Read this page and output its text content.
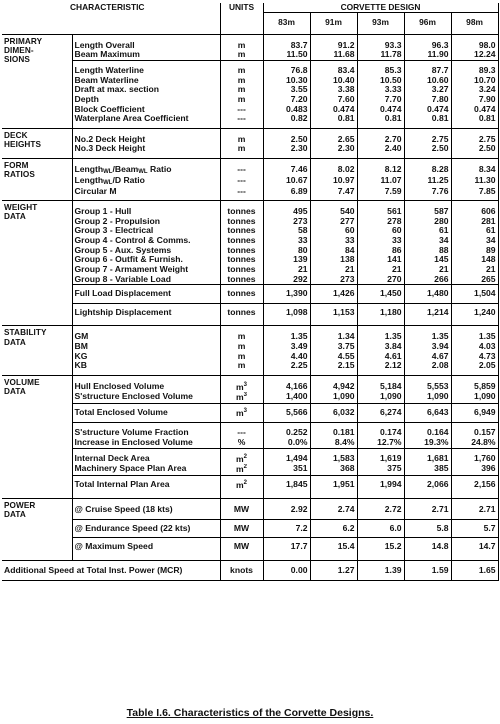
CHARACTERISTIC		UNITS	CORVETTE DESIGN				
			83m	91m	93m	96m	98m

PRIMARY
DIMEN-
SIONS	Length Overall	m	83.7	91.2	93.3	96.3	98.0
	Beam Maximum	m	11.50	11.68	11.78	11.90	12.24
	Length Waterline	m	76.8	83.4	85.3	87.7	89.3
	Beam Waterline	m	10.30	10.40	10.50	10.60	10.70
	Draft at max. section	m	3.55	3.38	3.33	3.27	3.24
	Depth	m	7.20	7.60	7.70	7.80	7.90
	Block Coefficient	---	0.483	0.474	0.474	0.474	0.474
	Waterplane Area Coefficient	---	0.82	0.81	0.81	0.81	0.81

DECK
HEIGHTS	No.2 Deck Height	m	2.50	2.65	2.70	2.75	2.75
	No.3 Deck Height	m	2.30	2.30	2.40	2.50	2.50

FORM
RATIOS	Length$_{WL}$/Beam$_{WL}$ Ratio	---	7.46	8.02	8.12	8.28	8.34
	Length$_{WL}$/D Ratio	---	10.67	10.97	11.07	11.25	11.30
	Circular M	---	6.89	7.47	7.59	7.76	7.85

WEIGHT
DATA	Group 1 - Hull	tonnes	495	540	561	587	606
	Group 2 - Propulsion	tonnes	273	277	278	280	281
	Group 3 - Electrical	tonnes	58	60	60	61	61
	Group 4 - Control & Comms.	tonnes	33	33	33	34	34
	Group 5 - Aux. Systems	tonnes	80	84	86	88	89
	Group 6 - Outfit & Furnish.	tonnes	139	138	141	145	148
	Group 7 - Armament Weight	tonnes	21	21	21	21	21
	Group 8 - Variable Load	tonnes	292	273	270	266	265
	Full Load Displacement	tonnes	1,390	1,426	1,450	1,480	1,504
	Lightship Displacement	tonnes	1,098	1,153	1,180	1,214	1,240

STABILITY
DATA	GM	m	1.35	1.34	1.35	1.35	1.35
	BM	m	3.49	3.75	3.84	3.94	4.03
	KG	m	4.40	4.55	4.61	4.67	4.73
	KB	m	2.25	2.15	2.12	2.08	2.05

VOLUME
DATA	Hull Enclosed Volume	$m^3$	4,166	4,942	5,184	5,553	5,859
	S'structure Enclosed Volume	$m^3$	1,400	1,090	1,090	1,090	1,090
	Total Enclosed Volume	$m^3$	5,566	6,032	6,274	6,643	6,949
	S'structure Volume Fraction	---	0.252	0.181	0.174	0.164	0.157
	Increase in Enclosed Volume	%	0.0%	8.4%	12.7%	19.3%	24.8%
	Internal Deck Area	$m^2$	1,494	1,583	1,619	1,681	1,760
	Machinery Space Plan Area	$m^2$	351	368	375	385	396
	Total Internal Plan Area	$m^2$	1,845	1,951	1,994	2,066	2,156

POWER
DATA	@ Cruise Speed (18 kts)	MW	2.92	2.74	2.72	2.71	2.71
	@ Endurance Speed (22 kts)	MW	7.2	6.2	6.0	5.8	5.7
	@ Maximum Speed	MW	17.7	15.4	15.2	14.8	14.7
Additional Speed at Total Inst. Power (MCR)		knots	0.00	1.27	1.39	1.59	1.65
Table I.6. Characteristics of the Corvette Designs.
